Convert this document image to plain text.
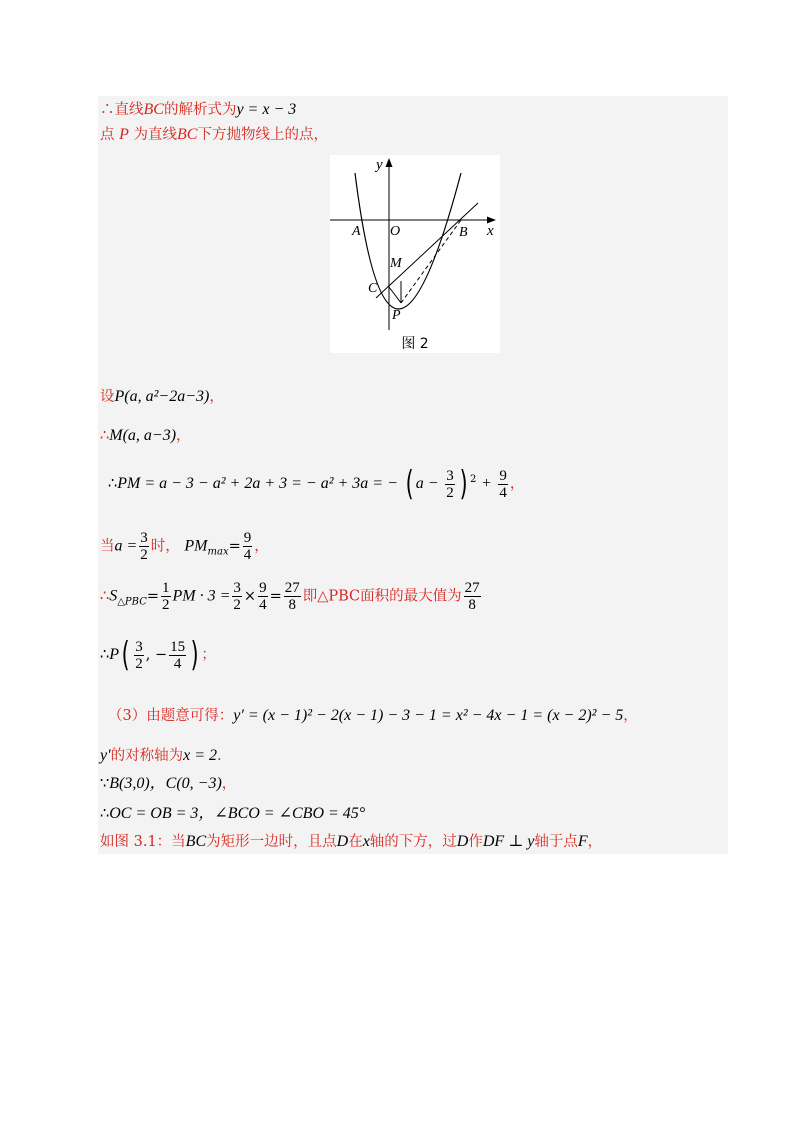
∴直线BC的解析式为y = x − 3
点 P 为直线BC下方抛物线上的点，
y
x
A O	B
M
C
P
图 2
设P(a, a²−2a−3)，
∴M(a, a−3)，
∴PM = a − 3 − a² + 2a + 3 = − a² + 3a = − ( $a - \frac{3}{2}$ ) $^2 + \frac{9}{4}$ ，
当$a = \frac{3}{2}$ 时， $PM_{max}= \frac{9}{4}$ ，
$\therefore S_{\triangle PBC}= \frac{1}{2}$ PM · $3 = \frac{3}{2} \times \frac{9}{4} = \frac{27}{8}$ 即△PBC面积的最大值为 $\frac{27}{8}$
∴P( $\frac{3}{2}$ , − $\frac{15}{4}$ ) ；
（3）由题意可得：y′ = (x − 1)² − 2(x − 1) − 3 − 1 = x² − 4x − 1 = (x − 2)² − 5，
y′的对称轴为x = 2.
∵B(3,0)，C(0, −3)，
∴OC = OB = 3，∠BCO = ∠CBO = 45°
如图 3.1：当BC为矩形一边时，且点D在x轴的下方，过D作DF ⊥ y轴于点F，
